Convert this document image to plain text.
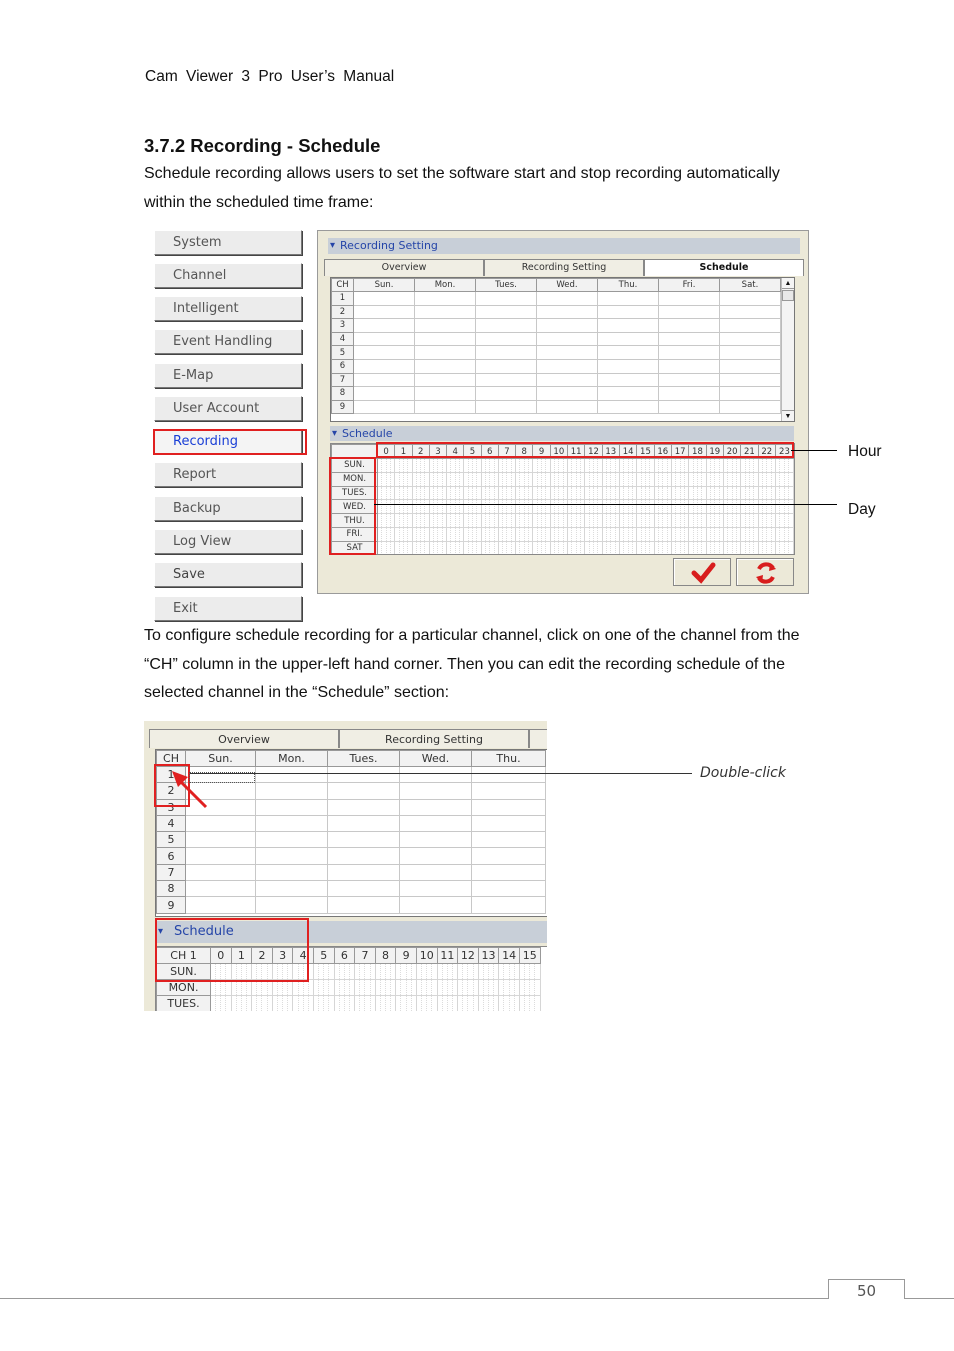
Cam Viewer 3 Pro User’s Manual
3.7.2 Recording - Schedule
Schedule recording allows users to set the software start and stop recording automatically
within the scheduled time frame:
System
Channel
Intelligent
Event Handling
E-Map
User Account
Recording
Report
Backup
Log View
Save
Exit
▾ Recording Setting
Overview	Recording Setting	Schedule
CH	Sun.	Mon.	Tues.	Wed.	Thu.	Fri.	Sat.
1							
2							
3							
4							
5							
6							
7							
8							
9							
▲
▼
▾ Schedule
	0	1	2	3	4	5	6	7	8	9	10	11	12	13	14	15	16	17	18	19	20	21	22	23
SUN.																																																																																																
MON.																																																																																																
TUES.																																																																																																
WED.																																																																																																
THU.																																																																																																
FRI.																																																																																																
SAT																																																																																																
Hour
Day
To configure schedule recording for a particular channel, click on one of the channel from the
“CH” column in the upper-left hand corner. Then you can edit the recording schedule of the
selected channel in the “Schedule” section:
Overview	Recording Setting
CH	Sun.	Mon.	Tues.	Wed.	Thu.
1					
2					
3					
4					
5					
6					
7					
8					
9					
▾ Schedule
CH 1	0	1	2	3	4	5	6	7	8	9	10	11	12	13	14	15
SUN.																																																																
MON.																																																																
TUES.																																																																
Double-click
50
